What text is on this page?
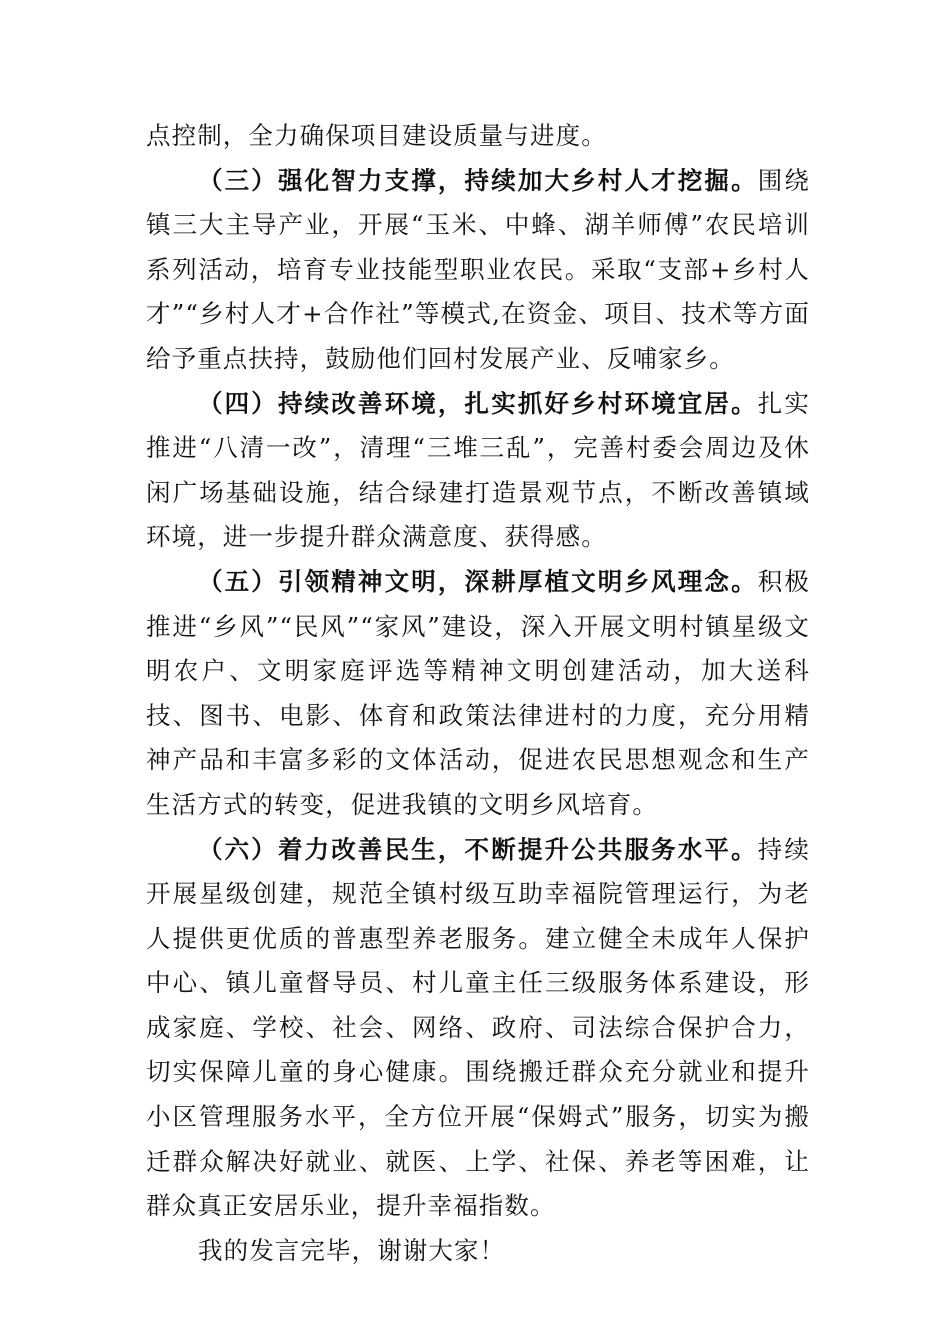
点控制，全力确保项目建设质量与进度。

（三）强化智力支撑，持续加大乡村人才挖掘。围绕镇三大主导产业，开展“玉米、中蜂、湖羊师傅”农民培训系列活动，培育专业技能型职业农民。采取“支部+乡村人才”“乡村人才+合作社”等模式,在资金、项目、技术等方面给予重点扶持，鼓励他们回村发展产业、反哺家乡。

（四）持续改善环境，扎实抓好乡村环境宜居。扎实推进“八清一改”，清理“三堆三乱”，完善村委会周边及休闲广场基础设施，结合绿建打造景观节点，不断改善镇域环境，进一步提升群众满意度、获得感。

（五）引领精神文明，深耕厚植文明乡风理念。积极推进“乡风”“民风”“家风”建设，深入开展文明村镇星级文明农户、文明家庭评选等精神文明创建活动，加大送科技、图书、电影、体育和政策法律进村的力度，充分用精神产品和丰富多彩的文体活动，促进农民思想观念和生产生活方式的转变，促进我镇的文明乡风培育。

（六）着力改善民生，不断提升公共服务水平。持续开展星级创建，规范全镇村级互助幸福院管理运行，为老人提供更优质的普惠型养老服务。建立健全未成年人保护中心、镇儿童督导员、村儿童主任三级服务体系建设，形成家庭、学校、社会、网络、政府、司法综合保护合力，切实保障儿童的身心健康。围绕搬迁群众充分就业和提升小区管理服务水平，全方位开展“保姆式”服务，切实为搬迁群众解决好就业、就医、上学、社保、养老等困难，让群众真正安居乐业，提升幸福指数。

我的发言完毕，谢谢大家！
